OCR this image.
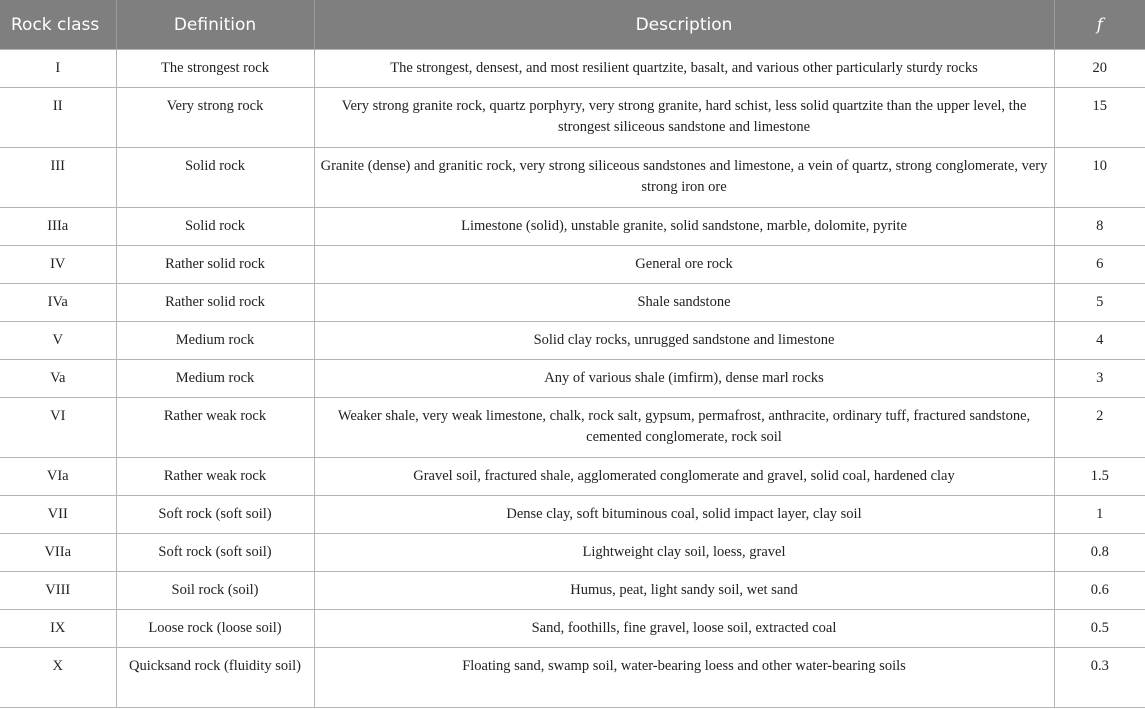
Rock class	Definition	Description	f
I	The strongest rock	The strongest, densest, and most resilient quartzite, basalt, and various other particularly sturdy rocks	20
II	Very strong rock	Very strong granite rock, quartz porphyry, very strong granite, hard schist, less solid quartzite than the upper level, the strongest siliceous sandstone and limestone	15
III	Solid rock	Granite (dense) and granitic rock, very strong siliceous sandstones and limestone, a vein of quartz, strong conglomerate, very strong iron ore	10
IIIa	Solid rock	Limestone (solid), unstable granite, solid sandstone, marble, dolomite, pyrite	8
IV	Rather solid rock	General ore rock	6
IVa	Rather solid rock	Shale sandstone	5
V	Medium rock	Solid clay rocks, unrugged sandstone and limestone	4
Va	Medium rock	Any of various shale (imfirm), dense marl rocks	3
VI	Rather weak rock	Weaker shale, very weak limestone, chalk, rock salt, gypsum, permafrost, anthracite, ordinary tuff, fractured sandstone, cemented conglomerate, rock soil	2
VIa	Rather weak rock	Gravel soil, fractured shale, agglomerated conglomerate and gravel, solid coal, hardened clay	1.5
VII	Soft rock (soft soil)	Dense clay, soft bituminous coal, solid impact layer, clay soil	1
VIIa	Soft rock (soft soil)	Lightweight clay soil, loess, gravel	0.8
VIII	Soil rock (soil)	Humus, peat, light sandy soil, wet sand	0.6
IX	Loose rock (loose soil)	Sand, foothills, fine gravel, loose soil, extracted coal	0.5
X	Quicksand rock (fluidity soil)	Floating sand, swamp soil, water-bearing loess and other water-bearing soils	0.3
